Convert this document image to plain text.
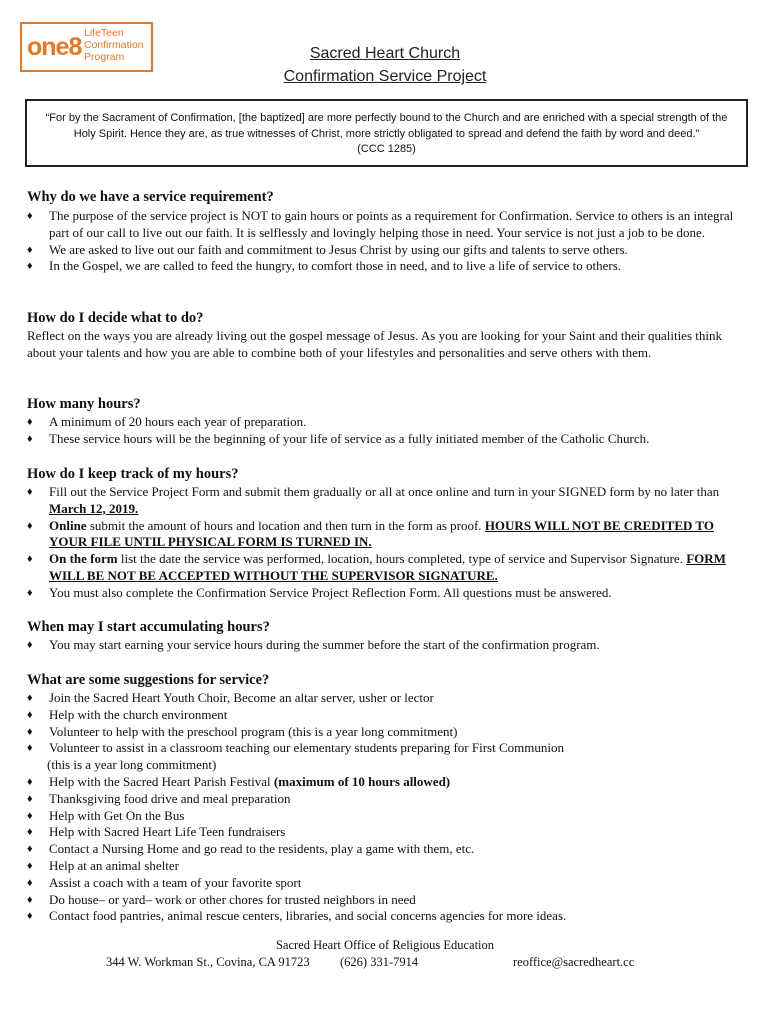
one8 LifeTeen
Confirmation
Program	Sacred Heart Church
Confirmation Service Project
“For by the Sacrament of Confirmation, [the baptized] are more perfectly bound to the Church and are enriched with a special strength of the Holy Spirit. Hence they are, as true witnesses of Christ, more strictly obligated to spread and defend the faith by word and deed.”
(CCC 1285)
Why do we have a service requirement?
♦ The purpose of the service project is NOT to gain hours or points as a requirement for Confirmation. Service to others is an integral part of our call to live out our faith. It is selflessly and lovingly helping those in need. Your service is not just a job to be done.
♦ We are asked to live out our faith and commitment to Jesus Christ by using our gifts and talents to serve others.
♦ In the Gospel, we are called to feed the hungry, to comfort those in need, and to live a life of service to others.
How do I decide what to do?
Reflect on the ways you are already living out the gospel message of Jesus. As you are looking for your Saint and their qualities think about your talents and how you are able to combine both of your lifestyles and personalities and serve others with them.
How many hours?
♦ A minimum of 20 hours each year of preparation.
♦ These service hours will be the beginning of your life of service as a fully initiated member of the Catholic Church.
How do I keep track of my hours?
♦ Fill out the Service Project Form and submit them gradually or all at once online and turn in your SIGNED form by no later than March 12, 2019.
♦ Online submit the amount of hours and location and then turn in the form as proof. HOURS WILL NOT BE CREDITED TO YOUR FILE UNTIL PHYSICAL FORM IS TURNED IN.
♦ On the form list the date the service was performed, location, hours completed, type of service and Supervisor Signature. FORM WILL BE NOT BE ACCEPTED WITHOUT THE SUPERVISOR SIGNATURE.
♦ You must also complete the Confirmation Service Project Reflection Form. All questions must be answered.
When may I start accumulating hours?
♦ You may start earning your service hours during the summer before the start of the confirmation program.
What are some suggestions for service?
♦ Join the Sacred Heart Youth Choir, Become an altar server, usher or lector
♦ Help with the church environment
♦ Volunteer to help with the preschool program (this is a year long commitment)
♦ Volunteer to assist in a classroom teaching our elementary students preparing for First Communion
(this is a year long commitment)
♦ Help with the Sacred Heart Parish Festival (maximum of 10 hours allowed)
♦ Thanksgiving food drive and meal preparation
♦ Help with Get On the Bus
♦ Help with Sacred Heart Life Teen fundraisers
♦ Contact a Nursing Home and go read to the residents, play a game with them, etc.
♦ Help at an animal shelter
♦ Assist a coach with a team of your favorite sport
♦ Do house– or yard– work or other chores for trusted neighbors in need
♦ Contact food pantries, animal rescue centers, libraries, and social concerns agencies for more ideas.
Sacred Heart Office of Religious Education
344 W. Workman St., Covina, CA 91723 (626) 331-7914	reoffice@sacredheart.cc
